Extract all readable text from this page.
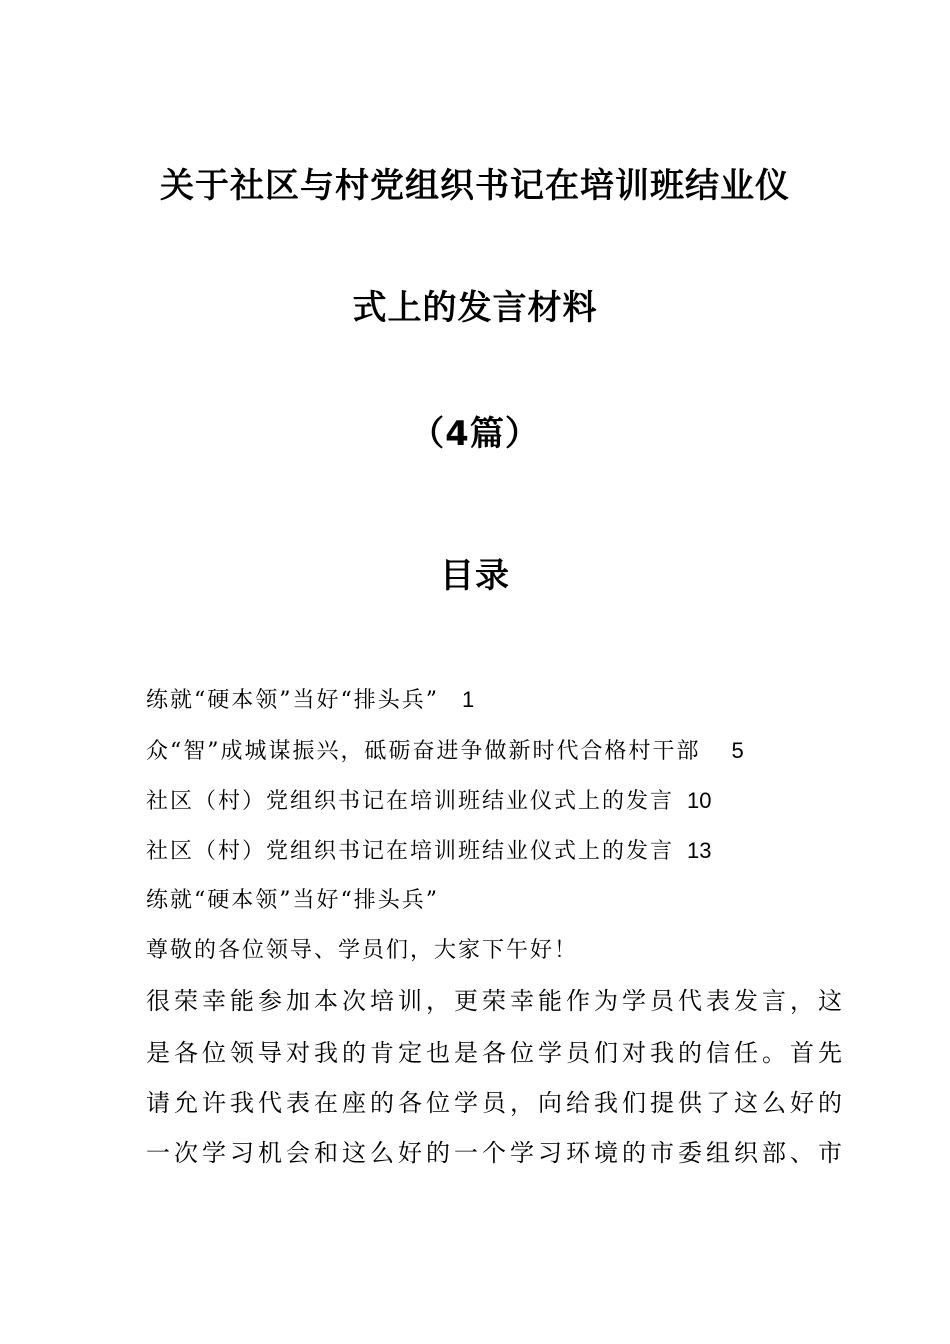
关于社区与村党组织书记在培训班结业仪
式上的发言材料
（4篇）
目录
练就“硬本领”当好“排头兵” 1
众“智”成城谋振兴，砥砺奋进争做新时代合格村干部 5
社区（村）党组织书记在培训班结业仪式上的发言 10
社区（村）党组织书记在培训班结业仪式上的发言 13
练就“硬本领”当好“排头兵”
尊敬的各位领导、学员们，大家下午好！
很荣幸能参加本次培训，更荣幸能作为学员代表发言，这
是各位领导对我的肯定也是各位学员们对我的信任。首先
请允许我代表在座的各位学员，向给我们提供了这么好的
一次学习机会和这么好的一个学习环境的市委组织部、市
